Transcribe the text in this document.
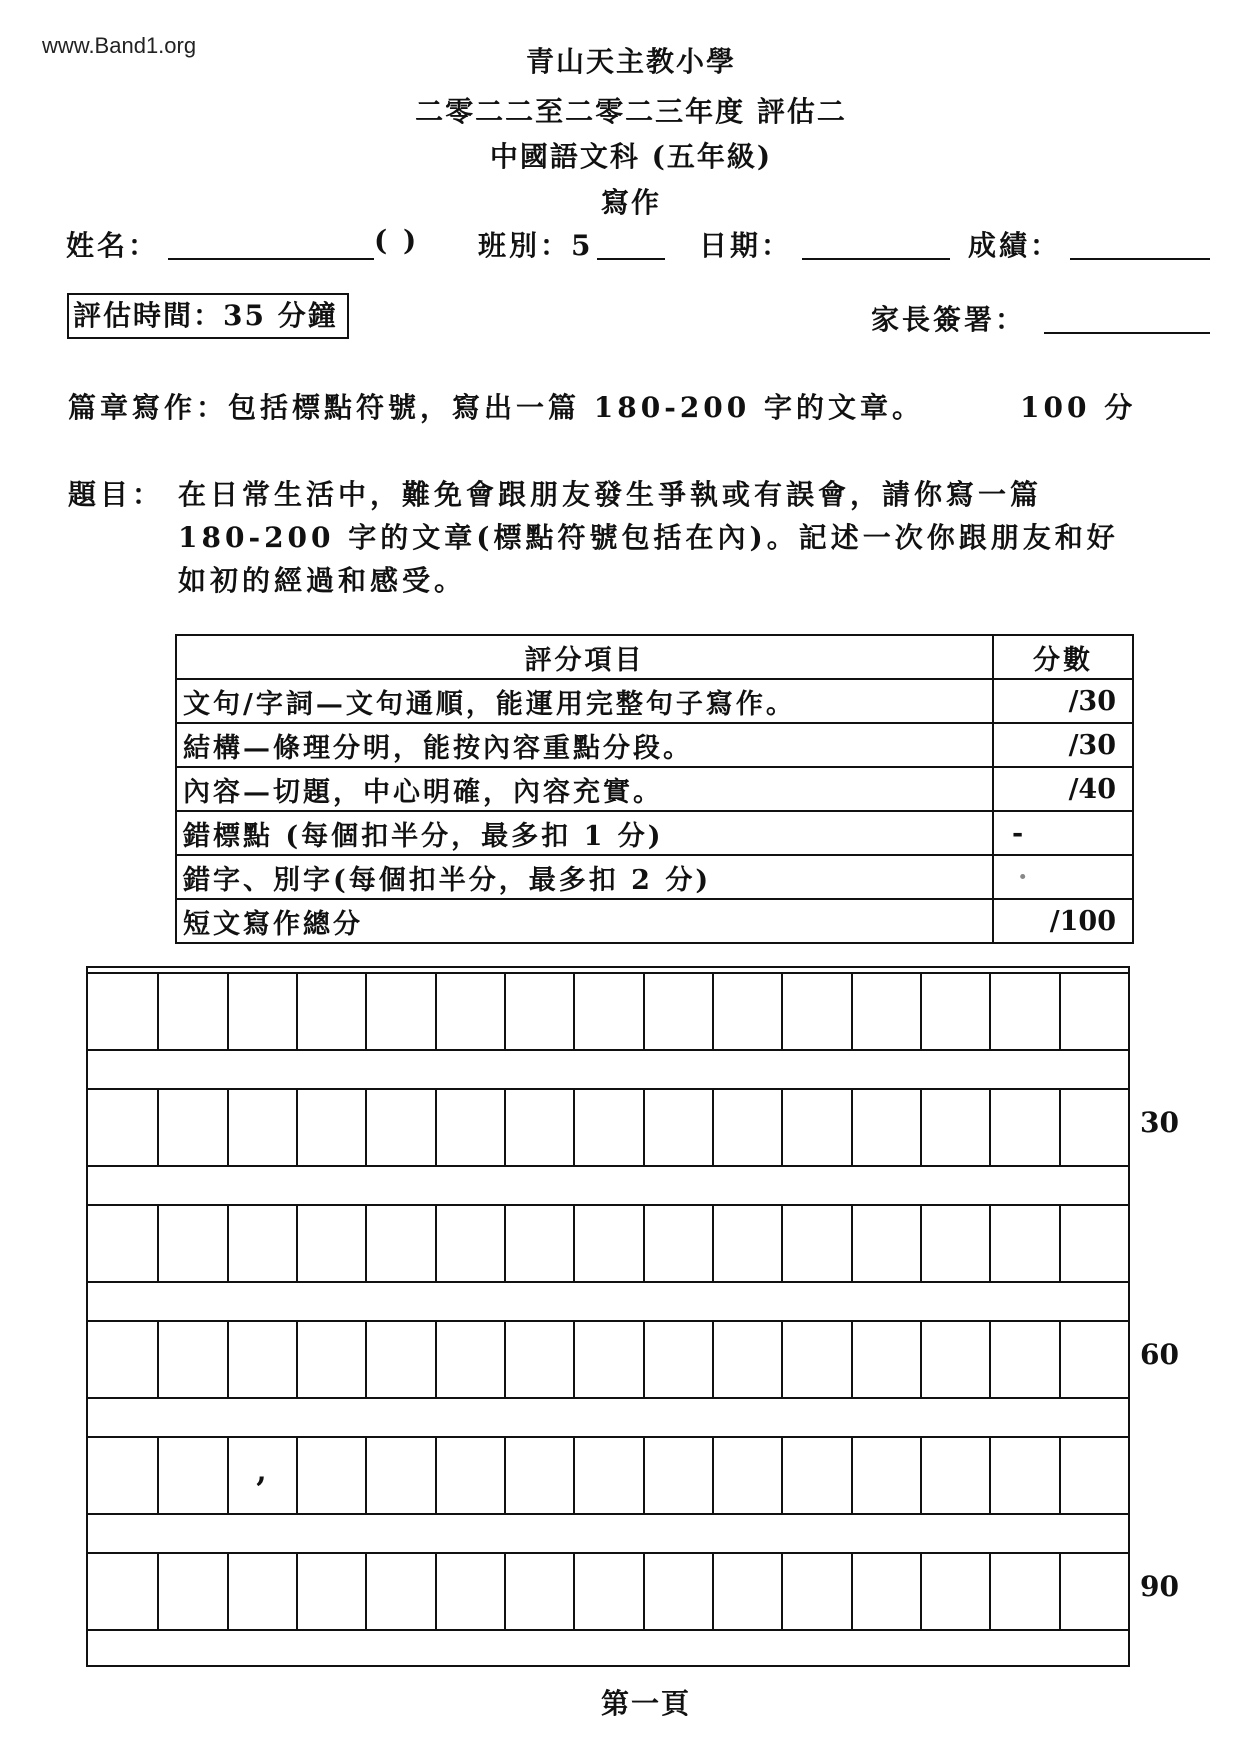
www.Band1.org	青山天主教小學
二零二二至二零二三年度 評估二
中國語文科 (五年級)
寫作
姓名：	( ) 班別：5	日期：	成績：
評估時間：35 分鐘	家長簽署：
篇章寫作：包括標點符號，寫出一篇 180-200 字的文章。	100 分
題目： 在日常生活中，難免會跟朋友發生爭執或有誤會，請你寫一篇
180-200 字的文章(標點符號包括在內)。記述一次你跟朋友和好
如初的經過和感受。
評分項目	分數
文句/字詞—文句通順，能運用完整句子寫作。	/30
結構—條理分明，能按內容重點分段。	/30
內容—切題，中心明確，內容充實。	/40
錯標點 (每個扣半分，最多扣 1 分)	-
錯字、別字(每個扣半分，最多扣 2 分)	·
短文寫作總分	/100
,
第一頁
30
60
90
